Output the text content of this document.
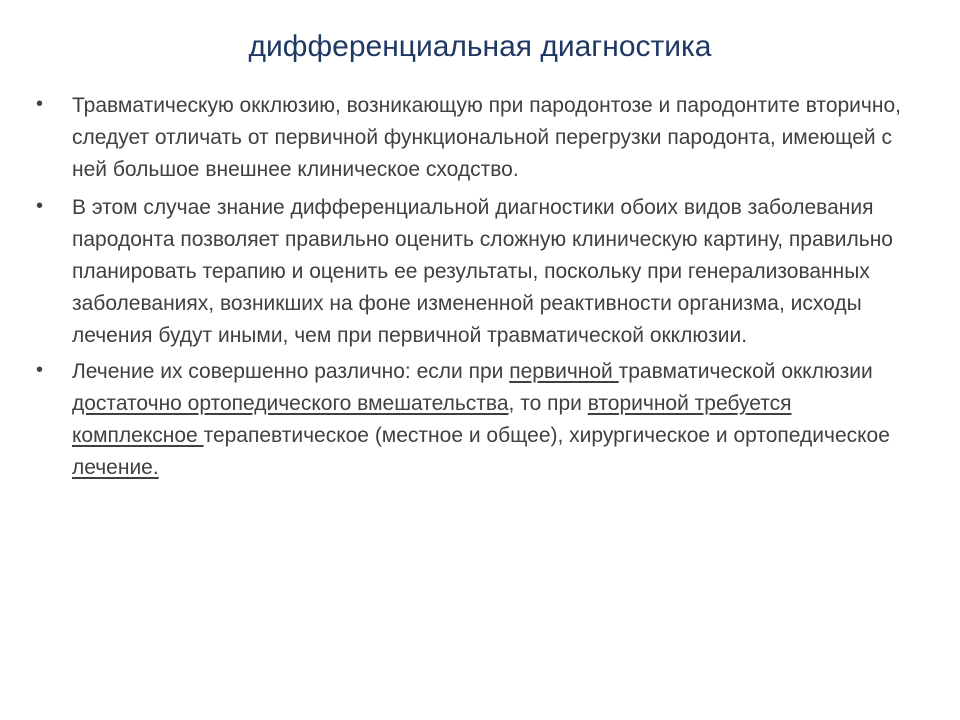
дифференциальная диагностика
•	Травматическую окклюзию, возникающую при пародонтозе и пародонтите вторично, следует отличать от первичной функциональной перегрузки пародонта, имеющей с ней большое внешнее клиническое сходство.
•	В этом случае знание дифференциальной диагностики обоих видов заболевания пародонта позволяет правильно оценить сложную клиническую картину, правильно планировать терапию и оценить ее результаты, поскольку при генерализованных заболеваниях, возникших на фоне измененной реактивности организма, исходы лечения будут иными, чем при первичной травматической окклюзии.
•	Лечение их совершенно различно: если при первичной травматической окклюзии достаточно ортопедического вмешательства, то при вторичной требуется комплексное терапевтическое (местное и общее), хирургическое и ортопедическое лечение.
